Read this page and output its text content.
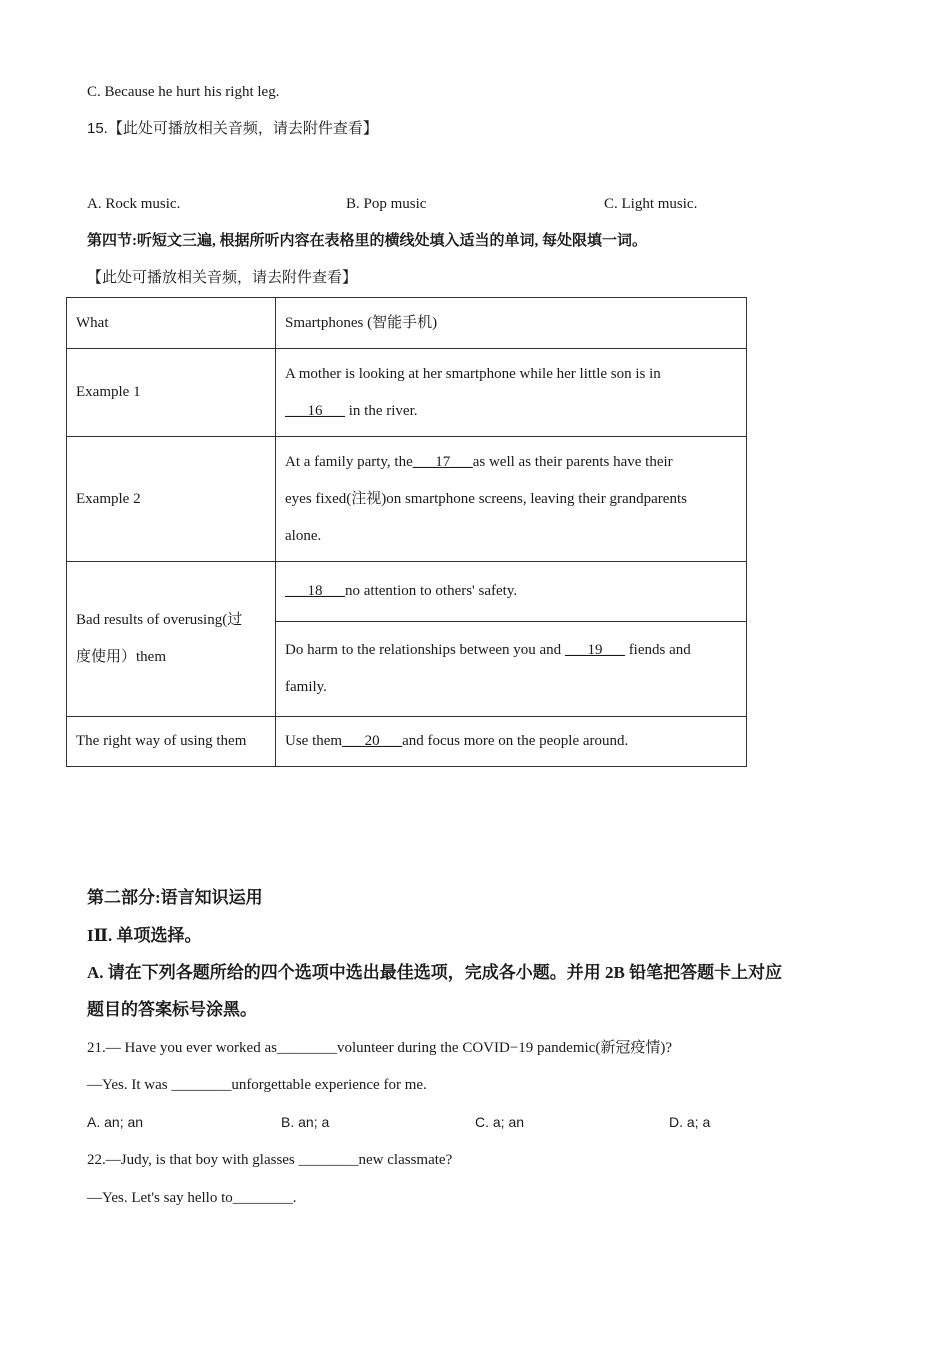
C. Because he hurt his right leg.
15.【此处可播放相关音频，请去附件查看】
A. Rock music.	B. Pop music	C. Light music.
第四节:听短文三遍, 根据所听内容在表格里的横线处填入适当的单词, 每处限填一词。
【此处可播放相关音频，请去附件查看】
What	Smartphones (智能手机)
Example 1	A mother is looking at her smartphone while her little son is in
___16___ in the river.

Example 2	At a family party, the___17___as well as their parents have their
eyes fixed(注视)on smartphone screens, leaving their grandparents
alone.

Bad results of overusing(过
度使用）them	___18___no attention to others' safety.

	Do harm to the relationships between you and ___19___ fiends and
family.

The right way of using them	Use them___20___and focus more on the people around.
第二部分:语言知识运用
IⅡ. 单项选择。
A. 请在下列各题所给的四个选项中选出最佳选项，完成各小题。并用 2B 铅笔把答题卡上对应
题目的答案标号涂黑。
21.— Have you ever worked as________volunteer during the COVID−19 pandemic(新冠疫情)?
—Yes. It was ________unforgettable experience for me.
A. an; an	B. an; a	C. a; an	D. a; a
22.—Judy, is that boy with glasses ________new classmate?
—Yes. Let's say hello to________.
